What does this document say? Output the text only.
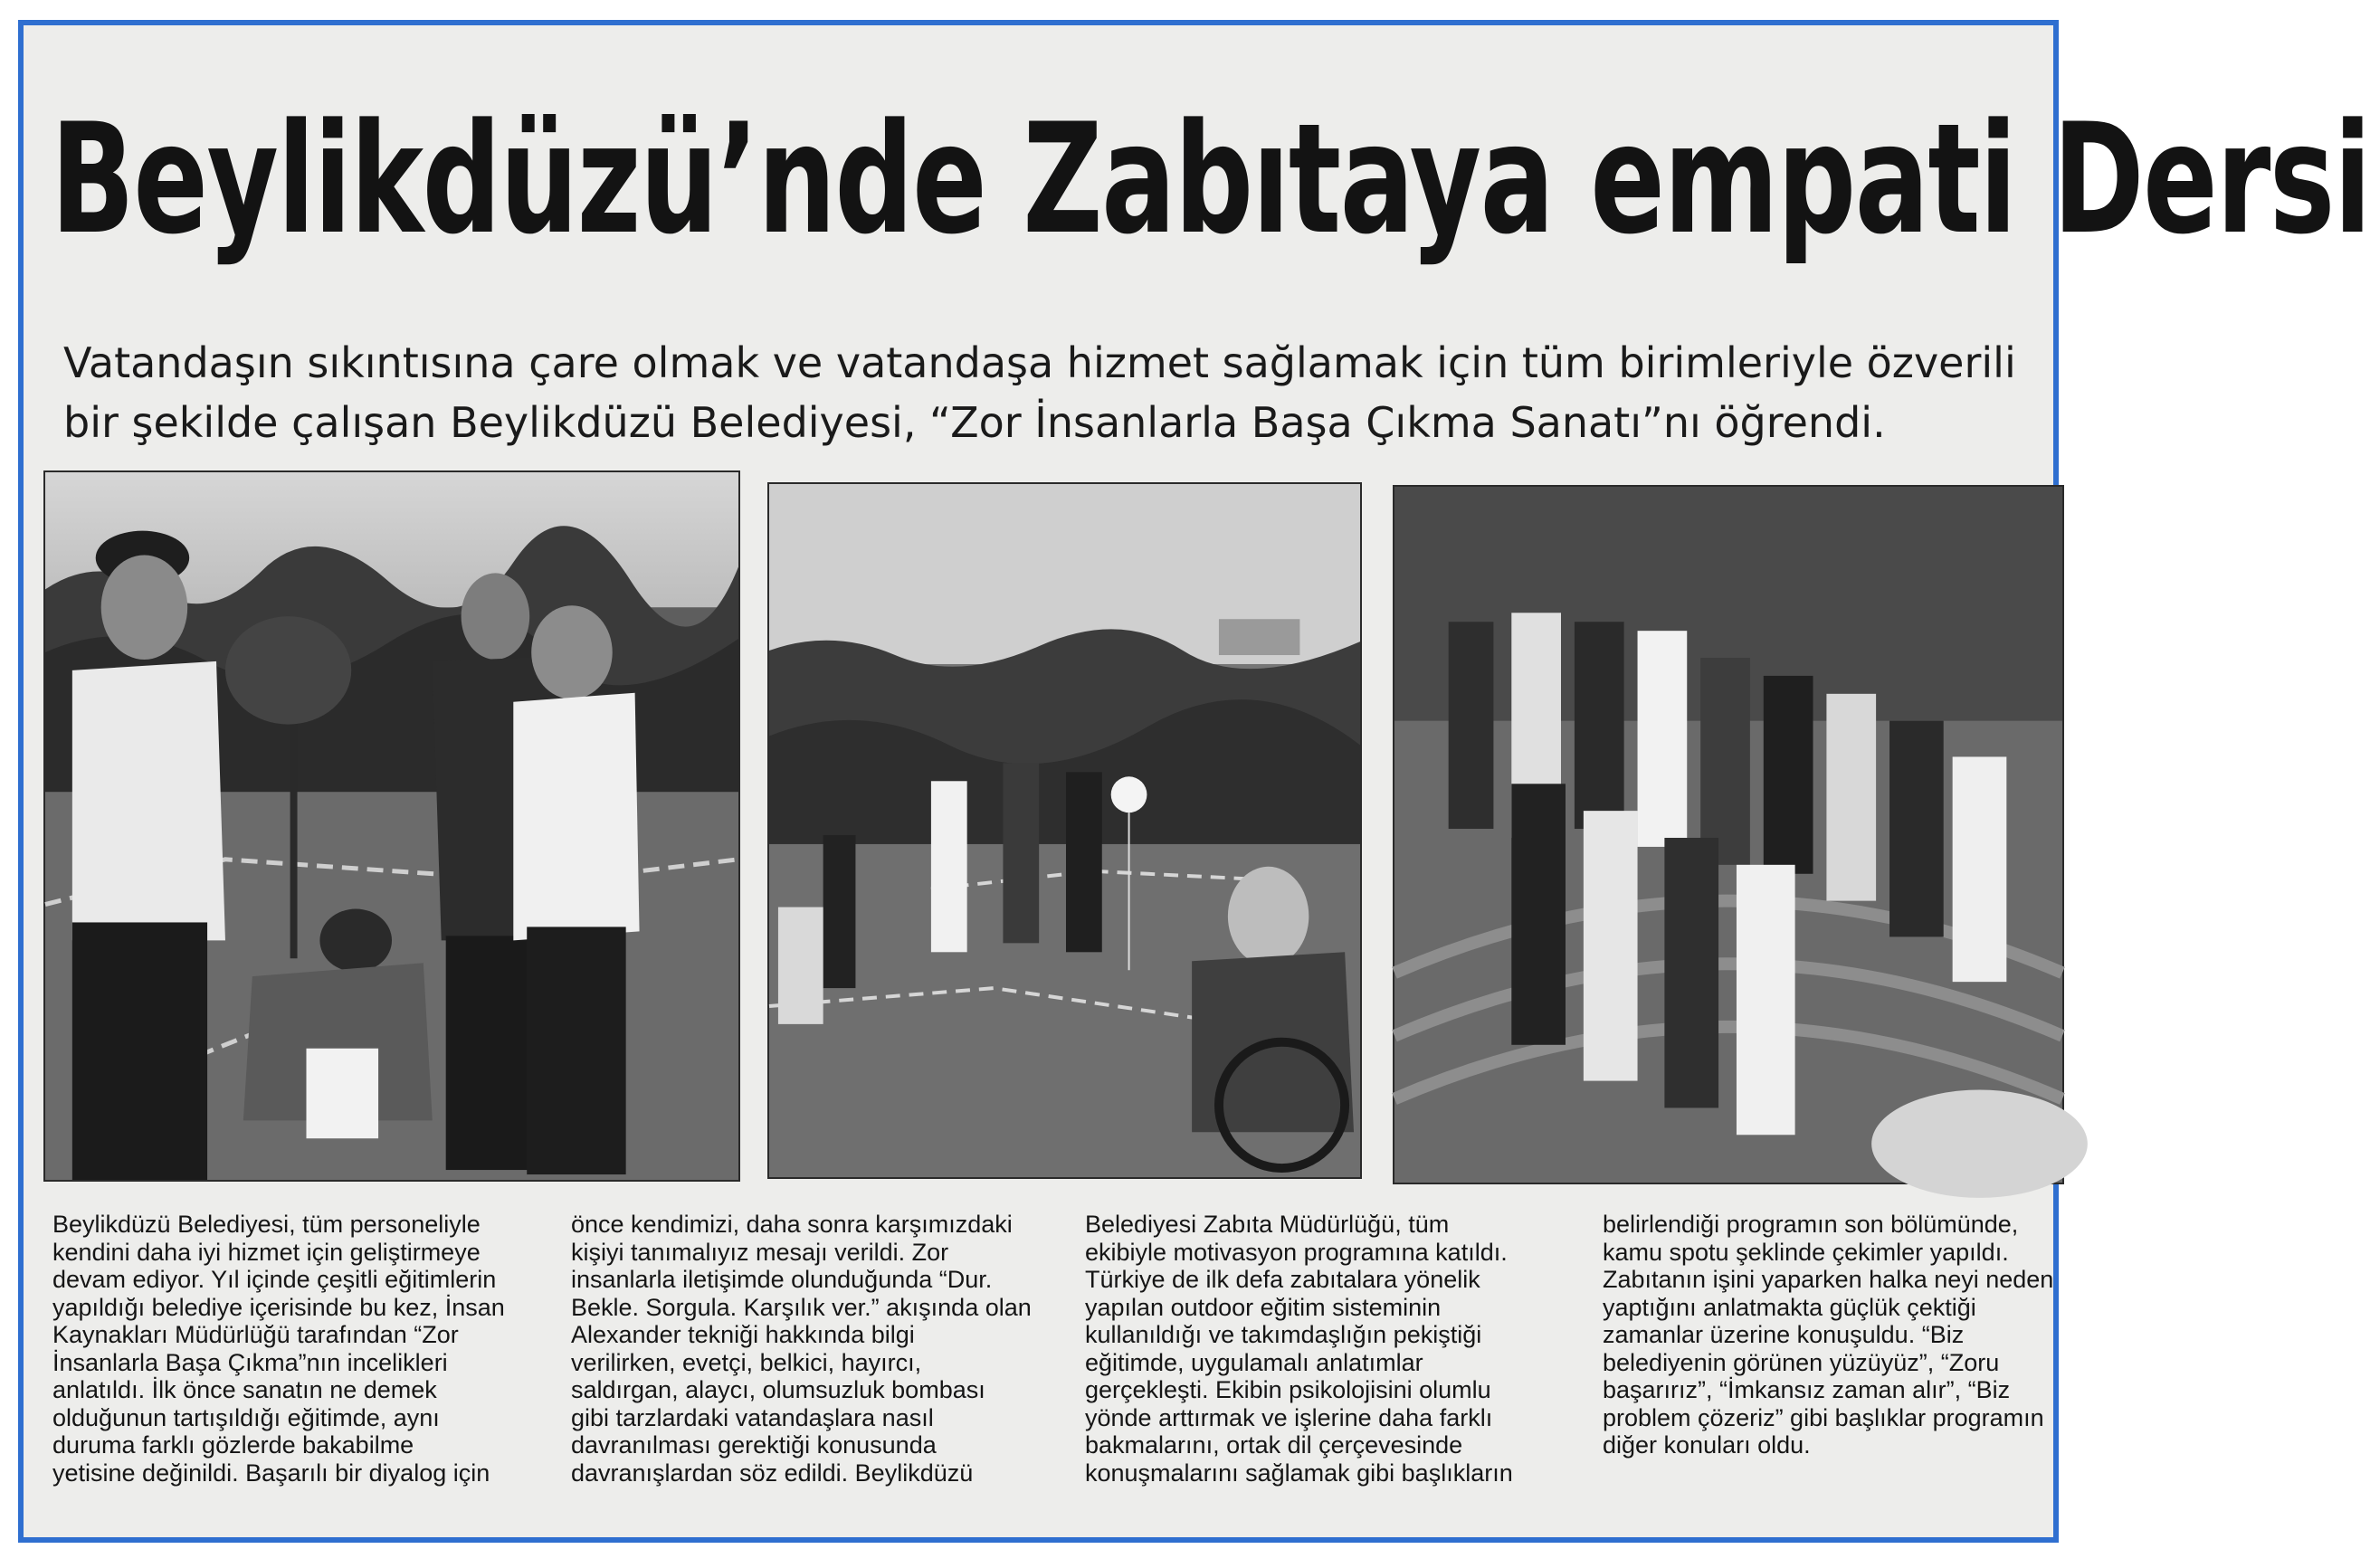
Beylikdüzü’nde Zabıtaya empati Dersi
Vatandaşın sıkıntısına çare olmak ve vatandaşa hizmet sağlamak için tüm birimleriyle özverili
bir şekilde çalışan Beylikdüzü Belediyesi, “Zor İnsanlarla Başa Çıkma Sanatı”nı öğrendi.
Beylikdüzü Belediyesi, tüm personeliyle
kendini daha iyi hizmet için geliştirmeye
devam ediyor. Yıl içinde çeşitli eğitimlerin
yapıldığı belediye içerisinde bu kez, İnsan
Kaynakları Müdürlüğü tarafından “Zor
İnsanlarla Başa Çıkma”nın incelikleri
anlatıldı. İlk önce sanatın ne demek
olduğunun tartışıldığı eğitimde, aynı
duruma farklı gözlerde bakabilme
yetisine değinildi. Başarılı bir diyalog için
önce kendimizi, daha sonra karşımızdaki
kişiyi tanımalıyız mesajı verildi. Zor
insanlarla iletişimde olunduğunda “Dur.
Bekle. Sorgula. Karşılık ver.” akışında olan
Alexander tekniği hakkında bilgi
verilirken, evetçi, belkici, hayırcı,
saldırgan, alaycı, olumsuzluk bombası
gibi tarzlardaki vatandaşlara nasıl
davranılması gerektiği konusunda
davranışlardan söz edildi. Beylikdüzü
Belediyesi Zabıta Müdürlüğü, tüm
ekibiyle motivasyon programına katıldı.
Türkiye de ilk defa zabıtalara yönelik
yapılan outdoor eğitim sisteminin
kullanıldığı ve takımdaşlığın pekiştiği
eğitimde, uygulamalı anlatımlar
gerçekleşti. Ekibin psikolojisini olumlu
yönde arttırmak ve işlerine daha farklı
bakmalarını, ortak dil çerçevesinde
konuşmalarını sağlamak gibi başlıkların
belirlendiği programın son bölümünde,
kamu spotu şeklinde çekimler yapıldı.
Zabıtanın işini yaparken halka neyi neden
yaptığını anlatmakta güçlük çektiği
zamanlar üzerine konuşuldu. “Biz
belediyenin görünen yüzüyüz”, “Zoru
başarırız”, “İmkansız zaman alır”, “Biz
problem çözeriz” gibi başlıklar programın
diğer konuları oldu.
